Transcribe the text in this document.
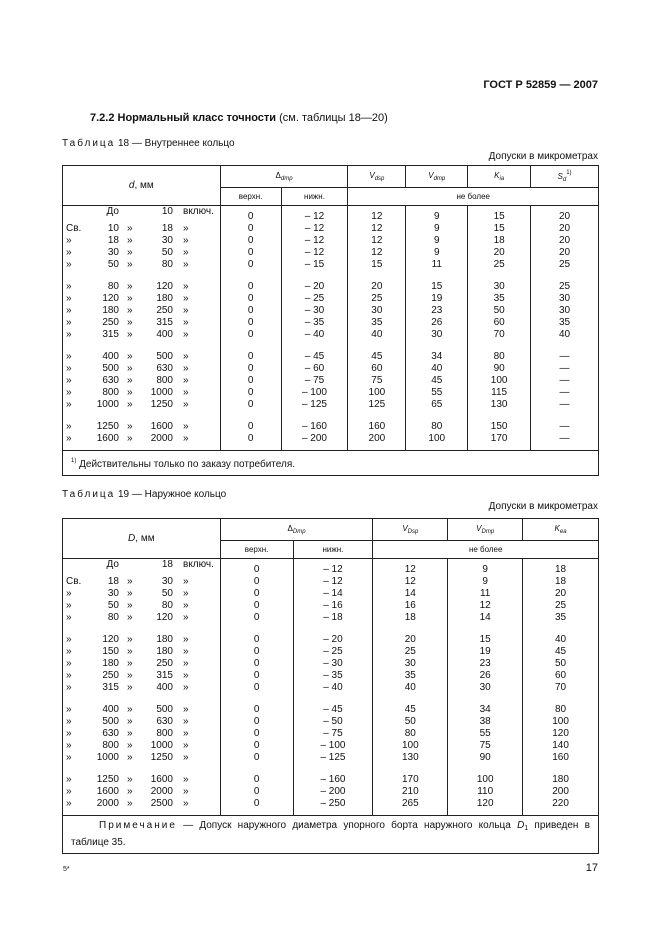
ГОСТ Р 52859 — 2007
7.2.2 Нормальный класс точности (см. таблицы 18—20)
Таблица 18 — Внутреннее кольцо
Допуски в микрометрах
d, мм	$\Delta_{dmp}$		$V_{dsp}$	$V_{dmp}$	$K_{ia}$	$S_d^{1)}$
	верхн.	нижн.	не более			

До 10 включ.	0	– 12	12	9	15	20

Св. 10 » 18 »	0	– 12	12	9	15	20

» 18 » 30 »	0	– 12	12	9	18	20

» 30 » 50 »	0	– 12	12	9	20	20

» 50 » 80 »	0	– 15	15	11	25	25

» 80 » 120 »	0	– 20	20	15	30	25

» 120 » 180 »	0	– 25	25	19	35	30

» 180 » 250 »	0	– 30	30	23	50	30

» 250 » 315 »	0	– 35	35	26	60	35

» 315 » 400 »	0	– 40	40	30	70	40

» 400 » 500 »	0	– 45	45	34	80	—

» 500 » 630 »	0	– 60	60	40	90	—

» 630 » 800 »	0	– 75	75	45	100	—

» 800 » 1000 »	0	– 100	100	55	115	—

» 1000 » 1250 »	0	– 125	125	65	130	—

» 1250 » 1600 »	0	– 160	160	80	150	—

» 1600 » 2000 »	0	– 200	200	100	170	—
$^{1)}$ Действительны только по заказу потребителя.						
Таблица 19 — Наружное кольцо
Допуски в микрометрах
D, мм	$\Delta_{Dmp}$		$V_{Dsp}$	$V_{Dmp}$	$K_{ea}$
	верхн.	нижн.	не более		

До 18 включ.	0	– 12	12	9	18

Св. 18 » 30 »	0	– 12	12	9	18

» 30 » 50 »	0	– 14	14	11	20

» 50 » 80 »	0	– 16	16	12	25

» 80 » 120 »	0	– 18	18	14	35

» 120 » 180 »	0	– 20	20	15	40

» 150 » 180 »	0	– 25	25	19	45

» 180 » 250 »	0	– 30	30	23	50

» 250 » 315 »	0	– 35	35	26	60

» 315 » 400 »	0	– 40	40	30	70

» 400 » 500 »	0	– 45	45	34	80

» 500 » 630 »	0	– 50	50	38	100

» 630 » 800 »	0	– 75	80	55	120

» 800 » 1000 »	0	– 100	100	75	140

» 1000 » 1250 »	0	– 125	130	90	160

» 1250 » 1600 »	0	– 160	170	100	180

» 1600 » 2000 »	0	– 200	210	110	200

» 2000 » 2500 »	0	– 250	265	120	220
Примечание — Допуск наружного диаметра упорного борта наружного кольца $D_1$ приведен в таблице 35.					
5*	17
